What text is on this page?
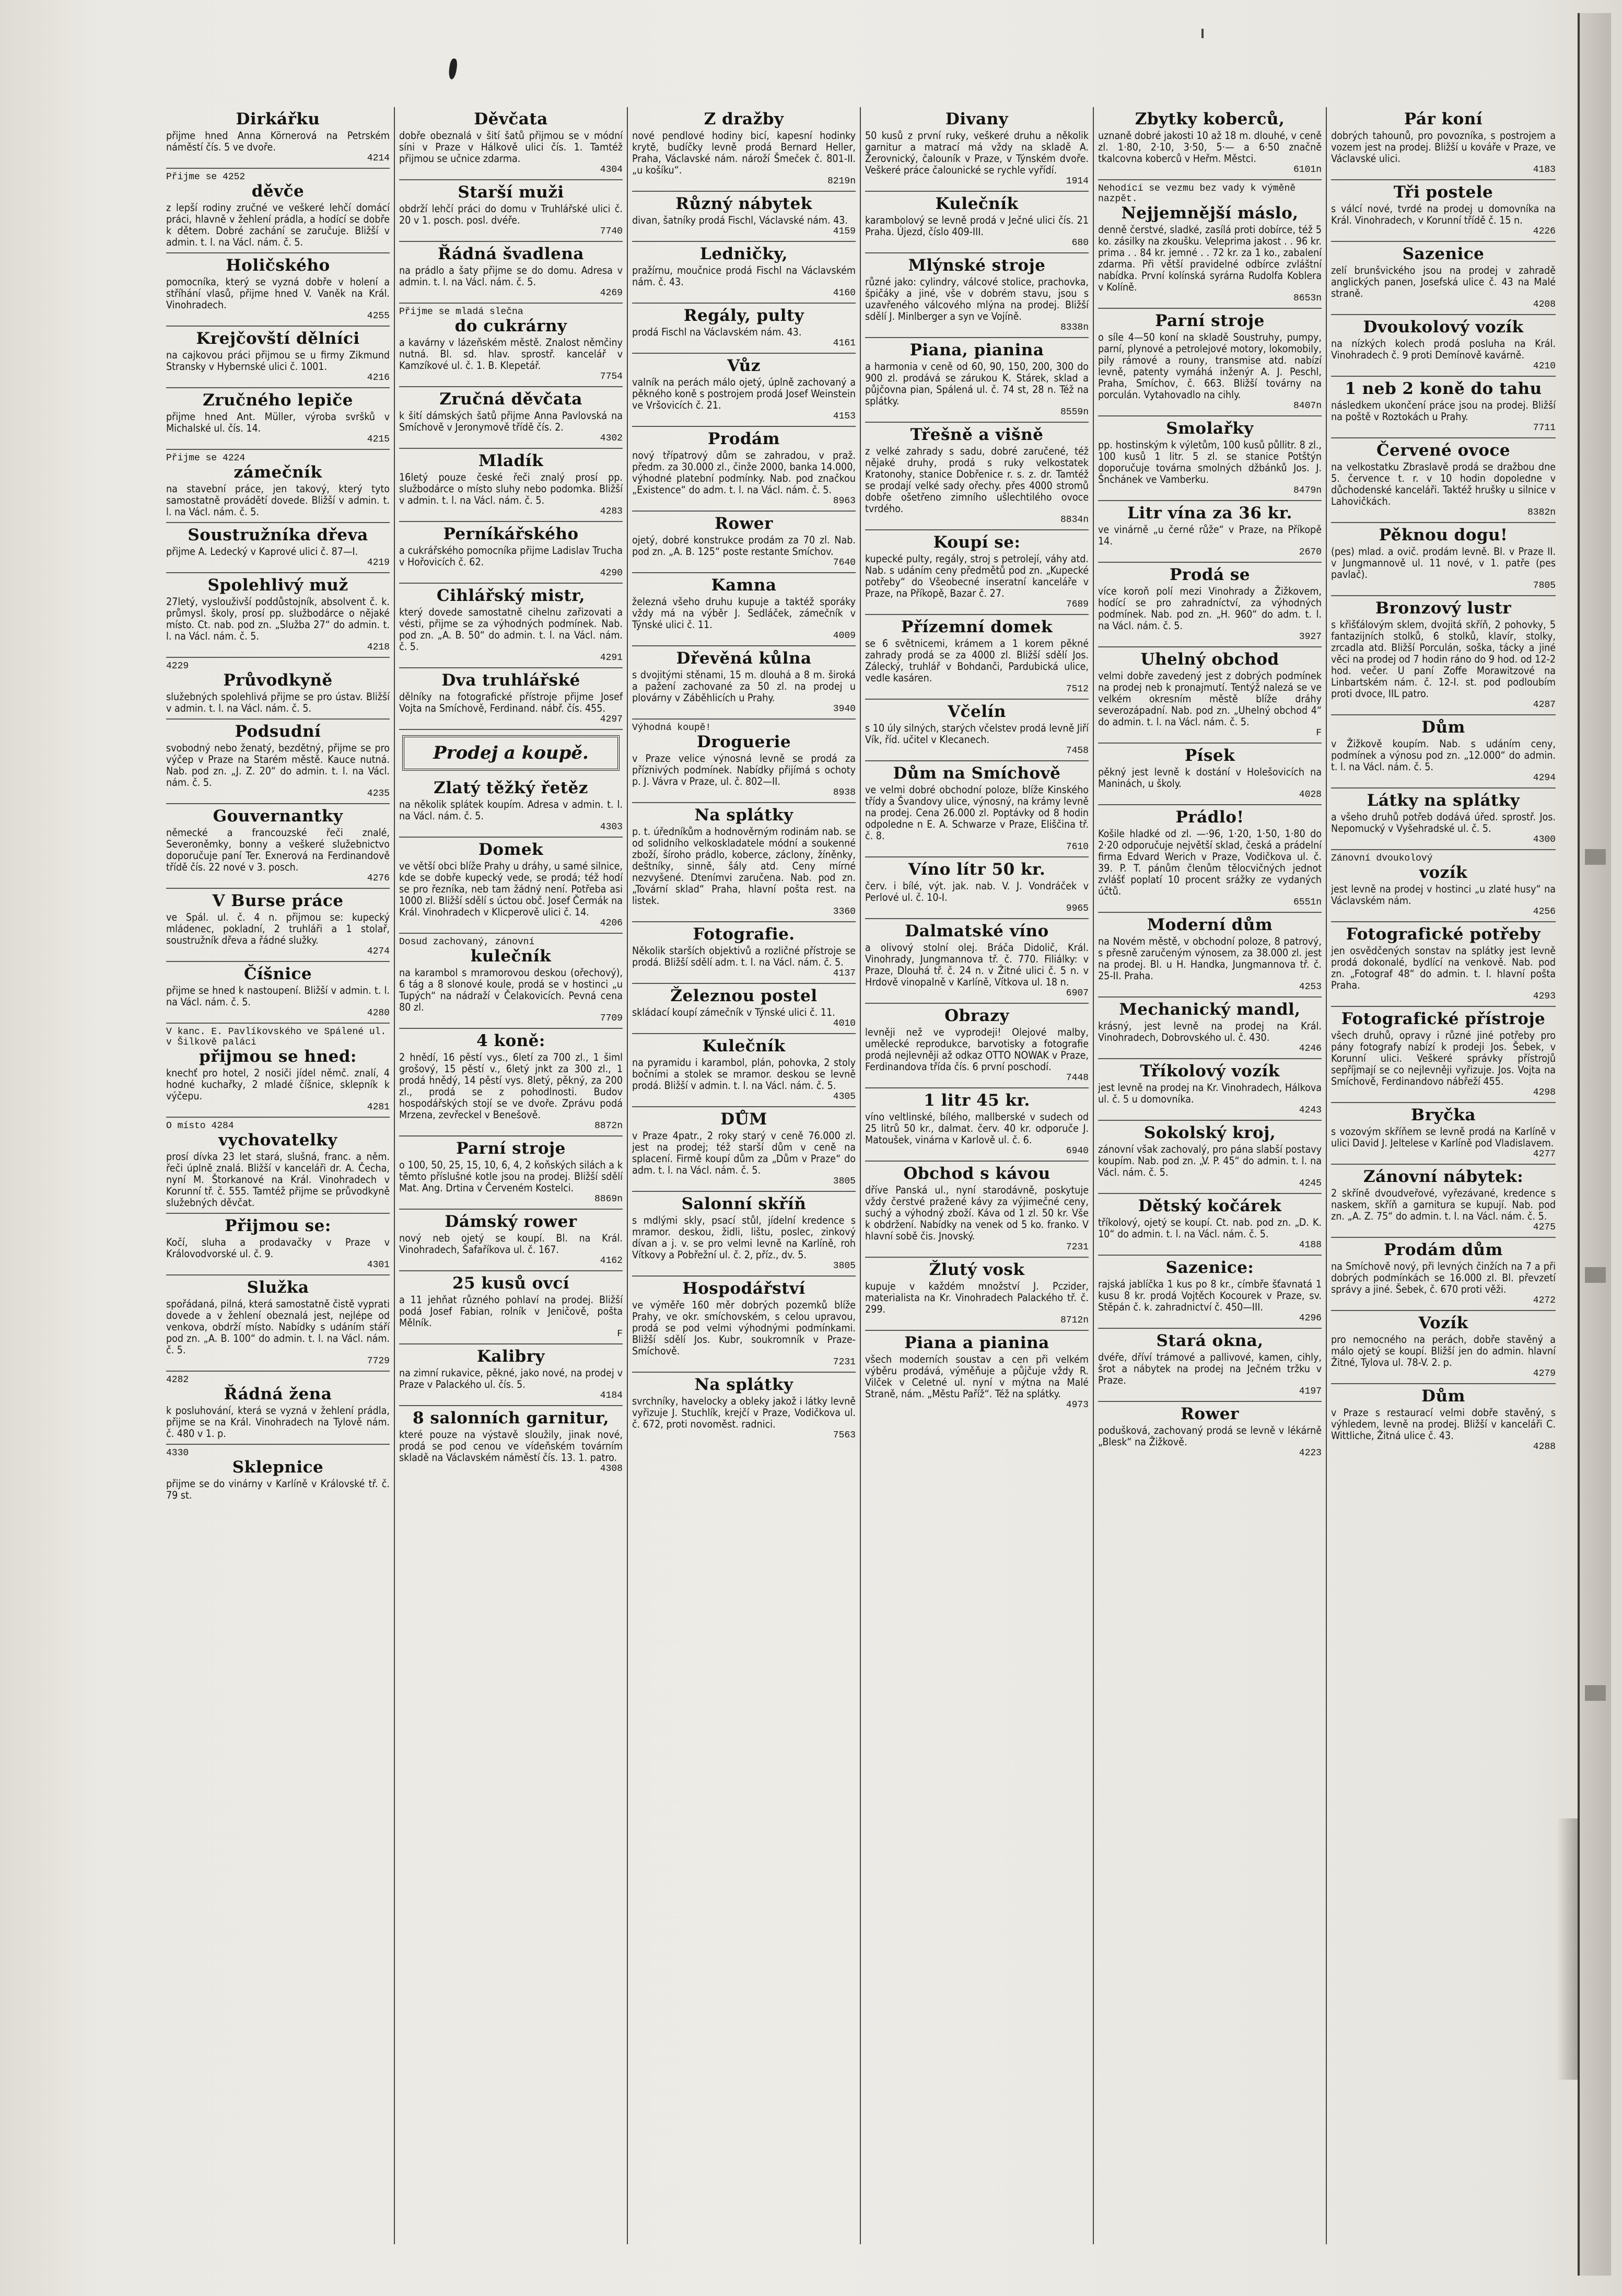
Dirkářku

přijme hned Anna Körnerová na Petrském náměstí čís. 5 ve dvoře.

4214
Přijme se 4252
děvče

z lepší rodiny zručné ve veškeré lehčí domácí práci, hlavně v žehlení prádla, a hodící se dobře k dětem. Dobré zachání se zaručuje. Bližší v admin. t. l. na Václ. nám. č. 5.

Holičského

pomocníka, který se vyzná dobře v holení a stříhání vlasů, přijme hned V. Vaněk na Král. Vinohradech.

4255
Krejčovští dělníci

na cajkovou práci přijmou se u firmy Zikmund Stransky v Hybernské ulici č. 1001.

4216
Zručného lepiče

přijme hned Ant. Müller, výroba svršků v Michalské ul. čís. 14.

4215
Přijme se 4224
zámečník

na stavební práce, jen takový, který tyto samostatně provádětí dovede. Bližší v admin. t. l. na Václ. nám. č. 5.

Soustružníka dřeva

přijme A. Ledecký v Kaprové ulici č. 87—I.

4219
Spolehlivý muž

27letý, vyslouživší poddůstojník, absolvent č. k. průmysl. školy, prosí pp. službodárce o nějaké místo. Ct. nab. pod zn. „Služba 27“ do admin. t. l. na Václ. nám. č. 5.

4218
4229
Průvodkyně

služebných spolehlivá přijme se pro ústav. Bližší v admin. t. l. na Václ. nám. č. 5.

Podsudní

svobodný nebo ženatý, bezdětný, přijme se pro výčep v Praze na Starém městě. Kauce nutná. Nab. pod zn. „J. Z. 20“ do admin. t. l. na Václ. nám. č. 5.

4235
Gouvernantky

německé a francouzské řeči znalé, Severoněmky, bonny a veškeré služebnictvo doporučuje paní Ter. Exnerová na Ferdinandově třídě čís. 22 nové v 3. posch.

4276
V Burse práce

ve Spál. ul. č. 4 n. přijmou se: kupecký mládenec, pokladní, 2 truhláři a 1 stolař, soustružník dřeva a řádné služky.

4274
Číšnice

přijme se hned k nastoupení. Bližší v admin. t. l. na Václ. nám. č. 5.

4280
V kanc. E. Pavlíkovského ve Spálené ul. v Šilkově paláci
přijmou se hned:

knechť pro hotel, 2 nosiči jídel němč. znalí, 4 hodné kuchařky, 2 mladé číšnice, sklepník k výčepu.

4281
O místo 4284
vychovatelky

prosí dívka 23 let stará, slušná, franc. a něm. řeči úplně znalá. Bližší v kanceláři dr. A. Čecha, nyní M. Štorkanové na Král. Vinohradech v Korunní tř. č. 555. Tamtéž přijme se průvodkyně služebných děvčat.

Přijmou se:

Kočí, sluha a prodavačky v Praze v Královodvorské ul. č. 9.

4301
Služka

spořádaná, pilná, která samostatně čistě vyprati dovede a v žehlení obeznalá jest, nejlépe od venkova, obdrží místo. Nabídky s udáním stáří pod zn. „A. B. 100“ do admin. t. l. na Václ. nám. č. 5.

7729
4282
Řádná žena

k posluhování, která se vyzná v žehlení prádla, přijme se na Král. Vinohradech na Tylově nám. č. 480 v 1. p.

4330
Sklepnice

přijme se do vinárny v Karlíně v Královské tř. č. 79 st.

Děvčata

dobře obeznalá v šití šatů přijmou se v módní síni v Praze v Hálkově ulici čís. 1. Tamtéž přijmou se učnice zdarma.

4304
Starší muži

obdrží lehčí práci do domu v Truhlářské ulici č. 20 v 1. posch. posl. dvéře.

7740
Řádná švadlena

na prádlo a šaty přijme se do domu. Adresa v admin. t. l. na Václ. nám. č. 5.

4269
Přijme se mladá slečna
do cukrárny

a kavárny v lázeňském městě. Znalost němčiny nutná. Bl. sd. hlav. sprostř. kancelář v Kamzíkové ul. č. 1. B. Klepetář.

7754
Zručná děvčata

k šití dámských šatů přijme Anna Pavlovská na Smíchově v Jeronymově třídě čís. 2.

4302
Mladík

16letý pouze české řeči znalý prosí pp. službodárce o místo sluhy nebo podomka. Bližší v admin. t. l. na Václ. nám. č. 5.

4283
Perníkářského

a cukrářského pomocníka přijme Ladislav Trucha v Hořovicích č. 62.

4290
Cihlářský mistr,

který dovede samostatně cihelnu zařizovati a vésti, přijme se za výhodných podmínek. Nab. pod zn. „A. B. 50“ do admin. t. l. na Václ. nám. č. 5.

4291
Dva truhlářské

dělníky na fotografické přístroje přijme Josef Vojta na Smíchově, Ferdinand. nábř. čís. 455.

4297
Prodej a koupě.
Zlatý těžký řetěz

na několik splátek koupím. Adresa v admin. t. l. na Václ. nám. č. 5.

4303
Domek

ve větší obci blíže Prahy u dráhy, u samé silnice, kde se dobře kupecký vede, se prodá; též hodí se pro řezníka, neb tam žádný není. Potřeba asi 1000 zl. Bližší sdělí s úctou obč. Josef Čermák na Král. Vinohradech v Klicperově ulici č. 14.

4206
Dosud zachovaný, zánovní
kulečník

na karambol s mramorovou deskou (ořechový), 6 tág a 8 slonové koule, prodá se v hostinci „u Tupých“ na nádraží v Čelakovicích. Pevná cena 80 zl.

7709
4 koně:

2 hnědí, 16 pěstí vys., 6letí za 700 zl., 1 šiml grošový, 15 pěstí v., 6letý jnkt za 300 zl., 1 prodá hnědý, 14 pěstí vys. 8letý, pěkný, za 200 zl., prodá se z pohodlnosti. Budov hospodářských stojí se ve dvoře. Zprávu podá Mrzena, zevřeckel v Benešově.

8872n
Parní stroje

o 100, 50, 25, 15, 10, 6, 4, 2 koňských silách a k těmto příslušné kotle jsou na prodej. Bližší sdělí Mat. Ang. Drtina v Červeném Kostelci.

8869n
Dámský rower

nový neb ojetý se koupí. Bl. na Král. Vinohradech, Šafaříkova ul. č. 167.

4162
25 kusů ovcí

a 11 jehňat různého pohlaví na prodej. Bližší podá Josef Fabian, rolník v Jeničově, pošta Mělník.

F
Kalibry

na zimní rukavice, pěkné, jako nové, na prodej v Praze v Palackého ul. čís. 5.

4184
8 salonních garnitur,

které pouze na výstavě sloužily, jinak nové, prodá se pod cenou ve vídeňském továrním skladě na Václavském náměstí čís. 13. 1. patro.

4308
Z dražby

nové pendlové hodiny bicí, kapesní hodinky krytě, budíčky levně prodá Bernard Heller, Praha, Václavské nám. nároží Šmeček č. 801-II. „u košíku“.

8219n
Různý nábytek

divan, šatníky prodá Fischl, Václavské nám. 43.

4159
Ledničky,

pražírnu, moučnice prodá Fischl na Václavském nám. č. 43.

4160
Regály, pulty

prodá Fischl na Václavském nám. 43.

4161
Vůz

valník na perách málo ojetý, úplně zachovaný a pěkného koně s postrojem prodá Josef Weinstein ve Vršovicích č. 21.

4153
Prodám

nový třípatrový dům se zahradou, v praž. předm. za 30.000 zl., činže 2000, banka 14.000, výhodné platební podmínky. Nab. pod značkou „Existence“ do adm. t. l. na Václ. nám. č. 5.

8963
Rower

ojetý, dobré konstrukce prodám za 70 zl. Nab. pod zn. „A. B. 125“ poste restante Smíchov.

7640
Kamna

železná všeho druhu kupuje a taktéž sporáky vždy má na výběr J. Sedláček, zámečník v Týnské ulici č. 11.

4009
Dřevěná kůlna

s dvojitými stěnami, 15 m. dlouhá a 8 m. široká a pažení zachované za 50 zl. na prodej u plovárny v Záběhlicích u Prahy.

3940
Výhodná koupě!
Droguerie

v Praze velice výnosná levně se prodá za příznivých podmínek. Nabídky přijímá s ochoty p. J. Vávra v Praze, ul. č. 802—II.

8938
Na splátky

p. t. úředníkům a hodnověrným rodinám nab. se od solidního velkoskladatele módní a soukenné zboží, šíroho prádlo, koberce, záclony, žíněnky, deštníky, sinně, šály atd. Ceny mírné nezvyšené. Dtenímvi zaručena. Nab. pod zn. „Tovární sklad“ Praha, hlavní pošta rest. na listek.

3360
Fotografie.

Několik starších objektivů a rozličné přístroje se prodá. Bližší sdělí adm. t. l. na Václ. nám. č. 5.

4137
Železnou postel

skládací koupí zámečník v Týnské ulici č. 11.

4010
Kulečník

na pyramidu i karambol, plán, pohovka, 2 stoly bočními a stolek se mramor. deskou se levně prodá. Bližší v admin. t. l. na Václ. nám. č. 5.

4305
DŮM

v Praze 4patr., 2 roky starý v ceně 76.000 zl. jest na prodej; též starší dům v ceně na splacení. Firmě koupí dům za „Dům v Praze“ do adm. t. l. na Václ. nám. č. 5.

3805
Salonní skříň

s mdlými skly, psací stůl, jídelní kredence s mramor. deskou, židli, lištu, poslec, zinkový dívan a j. v. se pro velmi levně na Karlíně, roh Vítkovy a Pobřežní ul. č. 2, příz., dv. 5.

3805
Hospodářství

ve výměře 160 měr dobrých pozemků blíže Prahy, ve okr. smíchovském, s celou upravou, prodá se pod velmi výhodnými podmínkami. Bližší sdělí Jos. Kubr, soukromník v Praze-Smíchově.

7231
Na splátky

svrchníky, havelocky a obleky jakož i látky levně vyřizuje J. Stuchlík, krejčí v Praze, Vodičkova ul. č. 672, proti novoměst. radnici.

7563
Divany

50 kusů z první ruky, veškeré druhu a několik garnitur a matrací má vždy na skladě A. Žerovnický, čalouník v Praze, v Týnském dvoře. Veškeré práce čalounické se rychle vyřídí.

1914
Kulečník

karambolový se levně prodá v Ječné ulici čís. 21 Praha. Újezd, číslo 409-III.

680
Mlýnské stroje

různé jako: cylindry, válcové stolice, prachovka, špičáky a jiné, vše v dobrém stavu, jsou s uzavřeného válcového mlýna na prodej. Bližší sdělí J. Minlberger a syn ve Vojíně.

8338n
Piana, pianina

a harmonia v ceně od 60, 90, 150, 200, 300 do 900 zl. prodává se zárukou K. Stárek, sklad a půjčovna pian, Spálená ul. č. 74 st, 28 n. Též na splátky.

8559n
Třešně a višně

z velké zahrady s sadu, dobré zaručené, též nějaké druhy, prodá s ruky velkostatek Kratonohy, stanice Dobřenice r. s. z. dr. Tamtéž se prodají velké sady ořechy. přes 4000 stromů dobře ošetřeno zimního ušlechtilého ovoce tvrdého.

8834n
Koupí se:

kupecké pulty, regály, stroj s petrolejí, váhy atd. Nab. s udáním ceny předmětů pod zn. „Kupecké potřeby“ do Všeobecné inseratní kanceláře v Praze, na Příkopě, Bazar č. 27.

7689
Přízemní domek

se 6 světnicemi, krámem a 1 korem pěkné zahrady prodá se za 4000 zl. Bližší sdělí Jos. Zálecký, truhlář v Bohdanči, Pardubická ulice, vedle kasáren.

7512
Včelín

s 10 úly silných, starých včelstev prodá levně Jiří Vík, říd. učitel v Klecanech.

7458
Dům na Smíchově

ve velmi dobré obchodní poloze, blíže Kinského třídy a Švandovy ulice, výnosný, na krámy levně na prodej. Cena 26.000 zl. Poptávky od 8 hodin odpoledne n E. A. Schwarze v Praze, Eliščina tř. č. 8.

7610
Víno lítr 50 kr.

červ. i bílé, výt. jak. nab. V. J. Vondráček v Perlové ul. č. 10-I.

9965
Dalmatské víno

a olivový stolní olej. Bráča Didolič, Král. Vinohrady, Jungmannova tř. č. 770. Filiálky: v Praze, Dlouhá tř. č. 24 n. v Žitné ulici č. 5 n. v Hrdově vinopalně v Karlíně, Vítkova ul. 18 n.

6907
Obrazy

levněji než ve vyprodeji! Olejové malby, umělecké reprodukce, barvotisky a fotografie prodá nejlevněji až odkaz OTTO NOWAK v Praze, Ferdinandova třída čís. 6 první poschodí.

7448
1 litr 45 kr.

víno veltlinské, bílého, mallberské v sudech od 25 litrů 50 kr., dalmat. červ. 40 kr. odporuče J. Matoušek, vinárna v Karlově ul. č. 6.

6940
Obchod s kávou

dříve Panská ul., nyní starodávně, poskytuje vždy čerstvé pražené kávy za výjimečné ceny, suchý a výhodný zboží. Káva od 1 zl. 50 kr. Vše k obdržení. Nabídky na venek od 5 ko. franko. V hlavní sobě čis. Jnovský.

7231
Žlutý vosk

kupuje v každém množství J. Pczider, materialista na Kr. Vinohradech Palackého tř. č. 299.

8712n
Piana a pianina

všech moderních soustav a cen při velkém výběru prodává, výměňuje a půjčuje vždy R. Vilček v Celetné ul. nyní v mýtna na Malé Straně, nám. „Městu Paříž“. Též na splátky.

4973
Zbytky koberců,

uznaně dobré jakosti 10 až 18 m. dlouhé, v ceně zl. 1·80, 2·10, 3·50, 5·— a 6·50 značně tkalcovna koberců v Heřm. Městci.

6101n
Nehodící se vezmu bez vady k výměně nazpět.
Nejjemnější máslo,

denně čerstvé, sladké, zasílá proti dobírce, též 5 ko. zásilky na zkoušku. Veleprima jakost . . 96 kr. prima . . 84 kr. jemné . . 72 kr. za 1 ko., zabalení zdarma. Při větší pravidelné odbírce zvláštní nabídka. První kolínská syrárna Rudolfa Koblera v Kolíně.

8653n
Parní stroje

o síle 4—50 koní na skladě Soustruhy, pumpy, parní, plynové a petrolejové motory, lokomobily, pily rámové a rouny, transmise atd. nabízí levně, patenty vymáhá inženýr A. J. Peschl, Praha, Smíchov, č. 663. Bližší továrny na porculán. Vytahovadlo na cihly.

8407n
Smolařky

pp. hostinským k výletům, 100 kusů půllitr. 8 zl., 100 kusů 1 litr. 5 zl. se stanice Potštýn doporučuje továrna smolných džbánků Jos. J. Šnchánek ve Vamberku.

8479n
Litr vína za 36 kr.

ve vinárně „u černé růže“ v Praze, na Příkopě 14.

2670
Prodá se

více koroň polí mezi Vinohrady a Žižkovem, hodící se pro zahradníctví, za výhodných podmínek. Nab. pod zn. „H. 960“ do adm. t. l. na Václ. nám. č. 5.

3927
Uhelný obchod

velmi dobře zavedený jest z dobrých podmínek na prodej neb k pronajmutí. Tentýž nalezá se ve velkém okresním městě blíže dráhy severozápadní. Nab. pod zn. „Uhelný obchod 4“ do admin. t. l. na Václ. nám. č. 5.

F
Písek

pěkný jest levně k dostání v Holešovicích na Maninách, u školy.

4028
Prádlo!

Košile hladké od zl. —·96, 1·20, 1·50, 1·80 do 2·20 odporučuje největší sklad, česká a prádelní firma Edvard Werich v Praze, Vodičkova ul. č. 39. P. T. pánům členům tělocvičných jednot zvlášť poplatí 10 procent srážky ze vydaných účtů.

6551n
Moderní dům

na Novém městě, v obchodní poloze, 8 patrový, s přesně zaručeným výnosem, za 38.000 zl. jest na prodej. Bl. u H. Handka, Jungmannova tř. č. 25-II. Praha.

4253
Mechanický mandl,

krásný, jest levně na prodej na Král. Vinohradech, Dobrovského ul. č. 430.

4246
Tříkolový vozík

jest levně na prodej na Kr. Vinohradech, Hálkova ul. č. 5 u domovníka.

4243
Sokolský kroj,

zánovní však zachovalý, pro pána slabší postavy koupím. Nab. pod zn. „V. P. 45“ do admin. t. l. na Václ. nám. č. 5.

4245
Dětský kočárek

tříkolový, ojetý se koupí. Ct. nab. pod zn. „D. K. 10“ do admin. t. l. na Václ. nám. č. 5.

4188
Sazenice:

rajská jablíčka 1 kus po 8 kr., címbře šťavnatá 1 kusu 8 kr. prodá Vojtěch Kocourek v Praze, sv. Stěpán č. k. zahradnictví č. 450—III.

4296
Stará okna,

dvéře, dříví trámové a pallivové, kamen, cihly, šrot a nábytek na prodej na Ječném tržku v Praze.

4197
Rower

podušková, zachovaný prodá se levně v lékárně „Blesk“ na Žižkově.

4223
Pár koní

dobrých tahounů, pro povozníka, s postrojem a vozem jest na prodej. Bližší u kováře v Praze, ve Václavské ulici.

4183
Tři postele

s válcí nové, tvrdé na prodej u domovníka na Král. Vinohradech, v Korunní třídě č. 15 n.

4226
Sazenice

zelí brunšvického jsou na prodej v zahradě anglických panen, Josefská ulice č. 43 na Malé straně.

4208
Dvoukolový vozík

na nízkých kolech prodá posluha na Král. Vinohradech č. 9 proti Demínově kavárně.

4210
1 neb 2 koně do tahu

následkem ukončení práce jsou na prodej. Bližší na poště v Roztokách u Prahy.

7711
Červené ovoce

na velkostatku Zbraslavě prodá se dražbou dne 5. července t. r. v 10 hodin dopoledne v důchodenské kanceláři. Taktéž hrušky u silnice v Lahovičkách.

8382n
Pěknou dogu!

(pes) mlad. a ovič. prodám levně. Bl. v Praze II. v Jungmannově ul. 11 nové, v 1. patře (pes pavlač).

7805
Bronzový lustr

s křišťálovým sklem, dvojitá skříň, 2 pohovky, 5 fantazijních stolků, 6 stolků, klavír, stolky, zrcadla atd. Bližší Porculán, soška, tácky a jiné věci na prodej od 7 hodin ráno do 9 hod. od 12-2 hod. večer. U paní Zoffe Morawitzové na Linbartském nám. č. 12-I. st. pod podloubím proti dvoce, IIL patro.

4287
Dům

v Žižkově koupím. Nab. s udáním ceny, podmínek a výnosu pod zn. „12.000“ do admin. t. l. na Václ. nám. č. 5.

4294
Látky na splátky

a všeho druhů potřeb dodává úřed. sprostř. Jos. Nepomucký v Vyšehradské ul. č. 5.

4300
Zánovní dvoukolový
vozík

jest levně na prodej v hostinci „u zlaté husy“ na Václavském nám.

4256
Fotografické potřeby

jen osvědčených sonstav na splátky jest levně prodá dokonalé, bydlící na venkově. Nab. pod zn. „Fotograf 48“ do admin. t. l. hlavní pošta Praha.

4293
Fotografické přístroje

všech druhů, opravy i různé jiné potřeby pro pány fotografy nabízí k prodeji Jos. Šebek, v Korunní ulici. Veškeré správky přístrojů sepříjmají se co nejlevněji vyřizuje. Jos. Vojta na Smíchově, Ferdinandovo nábřeží 455.

4298
Bryčka

s vozovým skříňem se levně prodá na Karlíně v ulici David J. Jeltelese v Karlíně pod Vladislavem.

4277
Zánovní nábytek:

2 skříně dvoudveřové, vyřezávané, kredence s naskem, skříň a garnitura se kupují. Nab. pod zn. „A. Z. 75“ do admin. t. l. na Václ. nám. č. 5.

4275
Prodám dům

na Smíchově nový, při levných činžích na 7 a při dobrých podmínkách se 16.000 zl. Bl. převzetí správy a jiné. Šebek, č. 670 proti věži.

4272
Vozík

pro nemocného na perách, dobře stavěný a málo ojetý se koupí. Bližší jen do admin. hlavní Žitné, Tylova ul. 78-V. 2. p.

4279
Dům

v Praze s restaurací velmi dobře stavěný, s výhledem, levně na prodej. Bližší v kanceláři C. Wittliche, Žitná ulice č. 43.

4288
